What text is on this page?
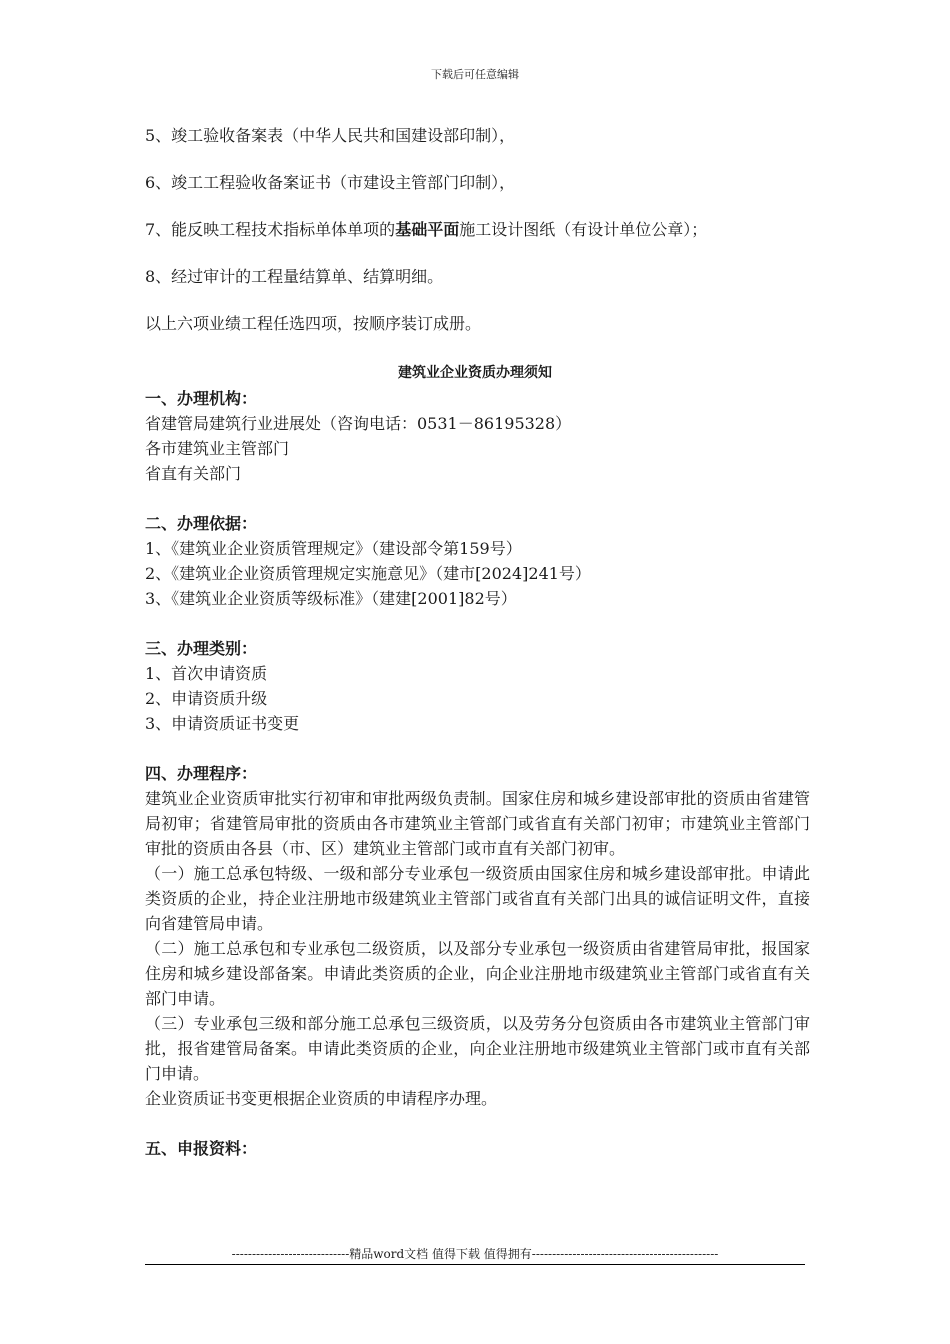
下载后可任意编辑
5、竣工验收备案表（中华人民共和国建设部印制），
6、竣工工程验收备案证书（市建设主管部门印制），
7、能反映工程技术指标单体单项的基础平面施工设计图纸（有设计单位公章）；
8、经过审计的工程量结算单、结算明细。
以上六项业绩工程任选四项，按顺序装订成册。
建筑业企业资质办理须知
一、办理机构：
省建管局建筑行业进展处（咨询电话：0531－86195328）
各市建筑业主管部门
省直有关部门
二、办理依据：
1、《建筑业企业资质管理规定》（建设部令第159号）
2、《建筑业企业资质管理规定实施意见》（建市[2024]241号）
3、《建筑业企业资质等级标准》（建建[2001]82号）
三、办理类别：
1、首次申请资质
2、申请资质升级
3、申请资质证书变更
四、办理程序：
建筑业企业资质审批实行初审和审批两级负责制。国家住房和城乡建设部审批的资质由省建管局初审；省建管局审批的资质由各市建筑业主管部门或省直有关部门初审；市建筑业主管部门审批的资质由各县（市、区）建筑业主管部门或市直有关部门初审。
（一）施工总承包特级、一级和部分专业承包一级资质由国家住房和城乡建设部审批。申请此类资质的企业，持企业注册地市级建筑业主管部门或省直有关部门出具的诚信证明文件，直接向省建管局申请。
（二）施工总承包和专业承包二级资质，以及部分专业承包一级资质由省建管局审批，报国家住房和城乡建设部备案。申请此类资质的企业，向企业注册地市级建筑业主管部门或省直有关部门申请。
（三）专业承包三级和部分施工总承包三级资质，以及劳务分包资质由各市建筑业主管部门审批，报省建管局备案。申请此类资质的企业，向企业注册地市级建筑业主管部门或市直有关部门申请。
企业资质证书变更根据企业资质的申请程序办理。
五、申报资料：
-----------------------------精品word文档 值得下载 值得拥有----------------------------------------------
